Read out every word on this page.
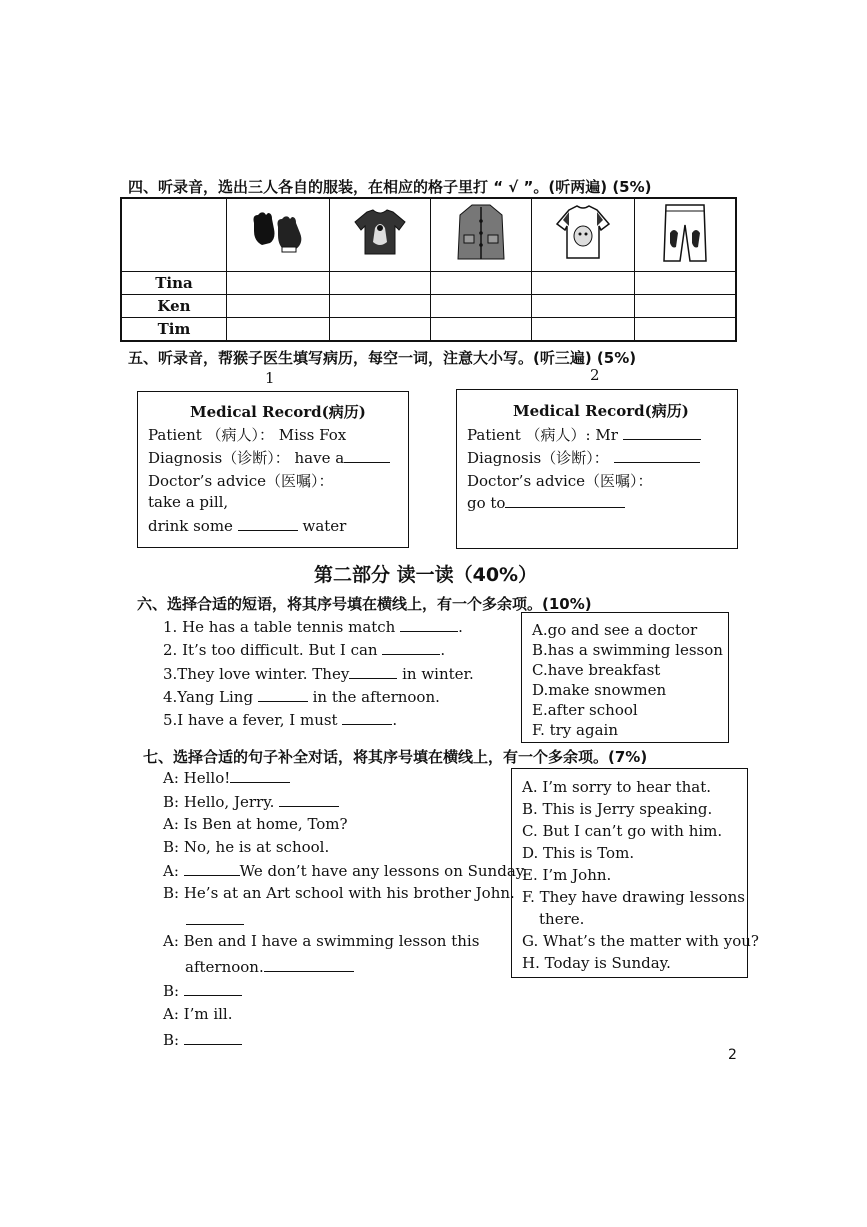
四、听录音，选出三人各自的服装，在相应的格子里打 “ √ ”。(听两遍) (5%)

Tina					
Ken					
Tim					
五、听录音，帮猴子医生填写病历，每空一词，注意大小写。(听三遍) (5%)
1	2
Medical Record(病历)
Patient （病人）： Miss Fox
Diagnosis（诊断）： have a
Doctor’s advice（医嘱）：
take a pill,
drink some	water
Medical Record(病历)
Patient （病人）: Mr
Diagnosis（诊断）：
Doctor’s advice（医嘱）：
go to
第二部分 读一读（40%）
六、选择合适的短语，将其序号填在横线上，有一个多余项。(10%)
1. He has a table tennis match	.
2. It’s too difficult. But I can	.
3.They love winter. They	in winter.
4.Yang Ling	in the afternoon.
5.I have a fever, I must	.
A.go and see a doctor
B.has a swimming lesson
C.have breakfast
D.make snowmen
E.after school
F. try again
七、选择合适的句子补全对话，将其序号填在横线上，有一个多余项。(7%)
A: Hello!
B: Hello, Jerry.
A: Is Ben at home, Tom?
B: No, he is at school.
A:	We don’t have any lessons on Sunday.
B: He’s at an Art school with his brother John.
A: Ben and I have a swimming lesson this
afternoon.
B:
A: I’m ill.
B:
A. I’m sorry to hear that.
B. This is Jerry speaking.
C. But I can’t go with him.
D. This is Tom.
E. I’m John.
F. They have drawing lessons
there.
G. What’s the matter with you?
H. Today is Sunday.
2
